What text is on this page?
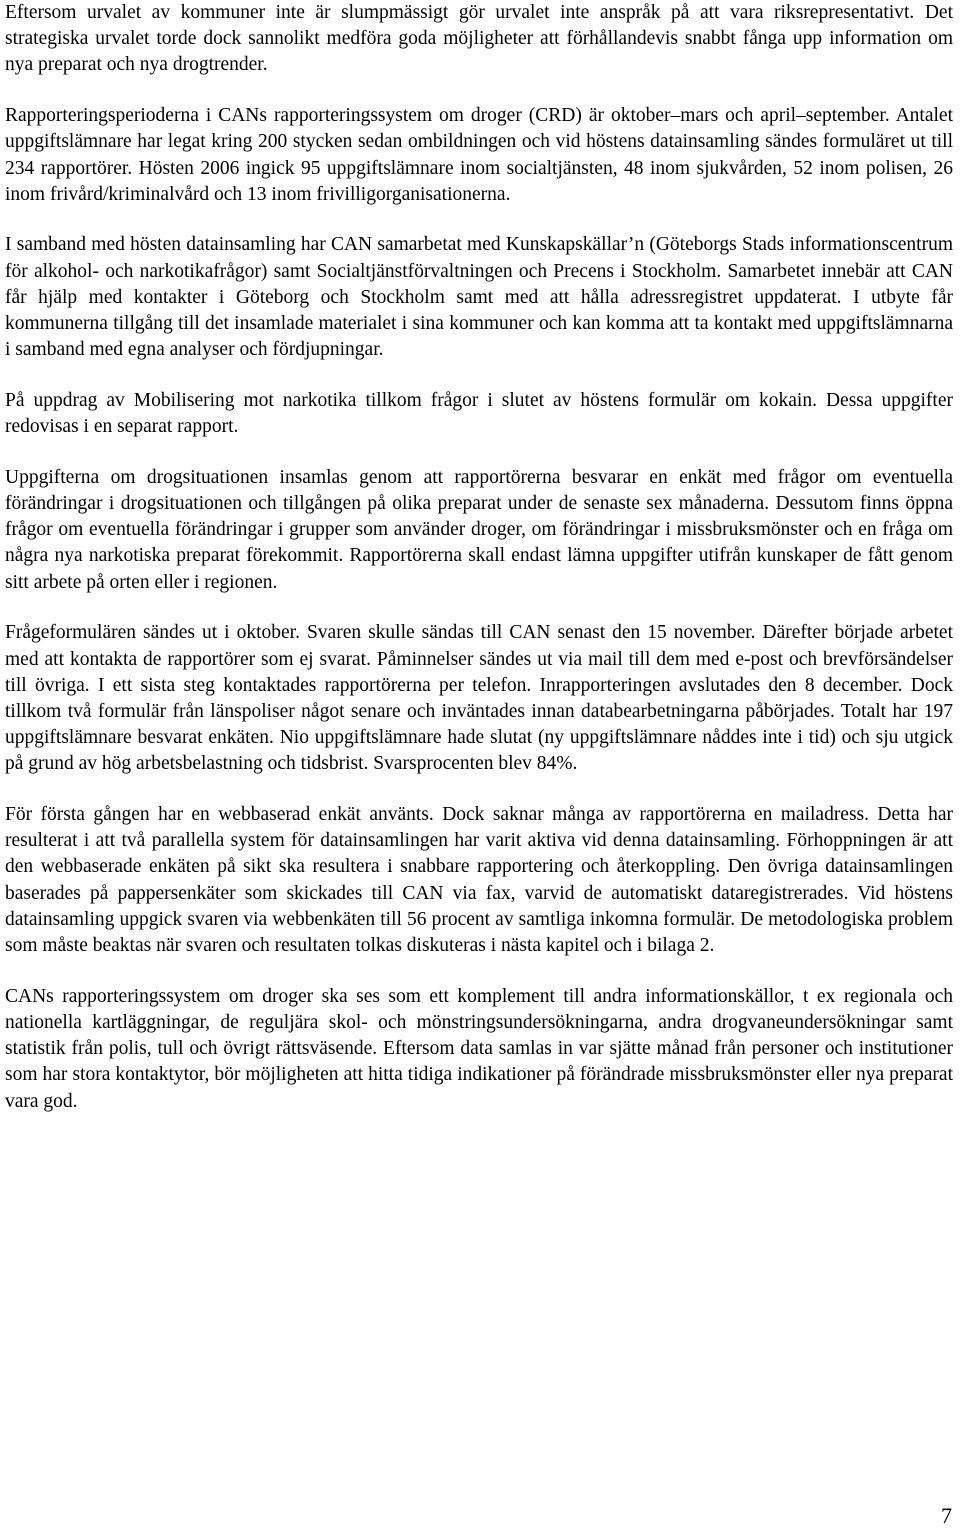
Eftersom urvalet av kommuner inte är slumpmässigt gör urvalet inte anspråk på att vara riksrepresentativt. Det strategiska urvalet torde dock sannolikt medföra goda möjligheter att förhållandevis snabbt fånga upp information om nya preparat och nya drogtrender.

Rapporteringsperioderna i CANs rapporteringssystem om droger (CRD) är oktober–mars och april–september. Antalet uppgiftslämnare har legat kring 200 stycken sedan ombildningen och vid höstens datainsamling sändes formuläret ut till 234 rapportörer. Hösten 2006 ingick 95 uppgiftslämnare inom socialtjänsten, 48 inom sjukvården, 52 inom polisen, 26 inom frivård/kriminalvård och 13 inom frivilligorganisationerna.

I samband med hösten datainsamling har CAN samarbetat med Kunskapskällar’n (Göteborgs Stads informationscentrum för alkohol- och narkotikafrågor) samt Socialtjänstförvaltningen och Precens i Stockholm. Samarbetet innebär att CAN får hjälp med kontakter i Göteborg och Stockholm samt med att hålla adressregistret uppdaterat. I utbyte får kommunerna tillgång till det insamlade materialet i sina kommuner och kan komma att ta kontakt med uppgiftslämnarna i samband med egna analyser och fördjupningar.

På uppdrag av Mobilisering mot narkotika tillkom frågor i slutet av höstens formulär om kokain. Dessa uppgifter redovisas i en separat rapport.

Uppgifterna om drogsituationen insamlas genom att rapportörerna besvarar en enkät med frågor om eventuella förändringar i drogsituationen och tillgången på olika preparat under de senaste sex månaderna. Dessutom finns öppna frågor om eventuella förändringar i grupper som använder droger, om förändringar i missbruksmönster och en fråga om några nya narkotiska preparat förekommit. Rapportörerna skall endast lämna uppgifter utifrån kunskaper de fått genom sitt arbete på orten eller i regionen.

Frågeformulären sändes ut i oktober. Svaren skulle sändas till CAN senast den 15 november. Därefter började arbetet med att kontakta de rapportörer som ej svarat. Påminnelser sändes ut via mail till dem med e-post och brevförsändelser till övriga. I ett sista steg kontaktades rapportörerna per telefon. Inrapporteringen avslutades den 8 december. Dock tillkom två formulär från länspoliser något senare och inväntades innan databearbetningarna påbörjades. Totalt har 197 uppgiftslämnare besvarat enkäten. Nio uppgiftslämnare hade slutat (ny uppgiftslämnare nåddes inte i tid) och sju utgick på grund av hög arbetsbelastning och tidsbrist. Svarsprocenten blev 84%.

För första gången har en webbaserad enkät använts. Dock saknar många av rapportörerna en mailadress. Detta har resulterat i att två parallella system för datainsamlingen har varit aktiva vid denna datainsamling. Förhoppningen är att den webbaserade enkäten på sikt ska resultera i snabbare rapportering och återkoppling. Den övriga datainsamlingen baserades på pappersenkäter som skickades till CAN via fax, varvid de automatiskt dataregistrerades. Vid höstens datainsamling uppgick svaren via webbenkäten till 56 procent av samtliga inkomna formulär. De metodologiska problem som måste beaktas när svaren och resultaten tolkas diskuteras i nästa kapitel och i bilaga 2.

CANs rapporteringssystem om droger ska ses som ett komplement till andra informationskällor, t ex regionala och nationella kartläggningar, de reguljära skol- och mönstringsundersökningarna, andra drogvaneundersökningar samt statistik från polis, tull och övrigt rättsväsende. Eftersom data samlas in var sjätte månad från personer och institutioner som har stora kontaktytor, bör möjligheten att hitta tidiga indikationer på förändrade missbruksmönster eller nya preparat vara god.

7
